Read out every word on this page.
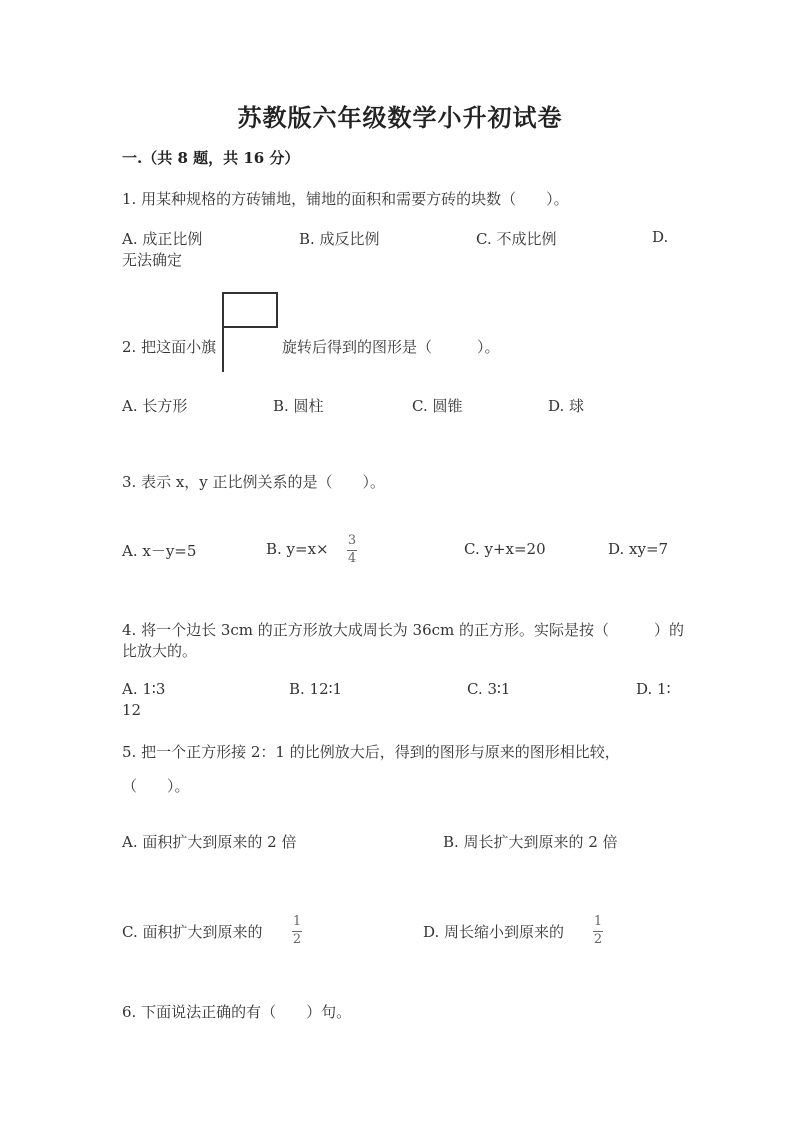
苏教版六年级数学小升初试卷
一.（共 8 题，共 16 分）
1. 用某种规格的方砖铺地，铺地的面积和需要方砖的块数（　　）。
A. 成正比例	B. 成反比例	C. 不成比例	D.
无法确定
2. 把这面小旗	旋转后得到的图形是（　　　）。
A. 长方形	B. 圆柱	C. 圆锥	D. 球
3. 表示 x，y 正比例关系的是（　　）。
A. x－y=5	B. y=x× 3
4
C. y+x=20	D. xy=7
4. 将一个边长 3cm 的正方形放大成周长为 36cm 的正方形。实际是按（　　　）的
比放大的。
A. 1∶3	B. 12∶1	C. 3∶1	D. 1∶
12
5. 把一个正方形接 2：1 的比例放大后，得到的图形与原来的图形相比较，
（　　）。
A. 面积扩大到原来的 2 倍	B. 周长扩大到原来的 2 倍
C. 面积扩大到原来的
1
2	D. 周长缩小到原来的
1
2
6. 下面说法正确的有（　　）句。
